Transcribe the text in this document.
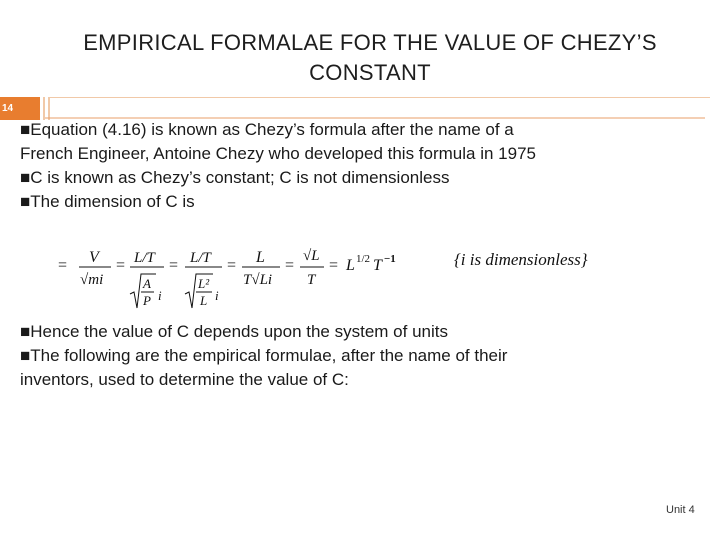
EMPIRICAL FORMALAE FOR THE VALUE OF CHEZY’S
CONSTANT
14
■Equation (4.16) is known as Chezy’s formula after the name of a
French Engineer, Antoine Chezy who developed this formula in 1975
■C is known as Chezy’s constant; C is not dimensionless
■The dimension of C is
= V
√mi
= L/T
A
P i
= L/T
L²
L i
= L
T√Li
=
√L
T
= L 1/2 T −1	{i is dimensionless}
■Hence the value of C depends upon the system of units
■The following are the empirical formulae, after the name of their
inventors, used to determine the value of C:
Unit 4
